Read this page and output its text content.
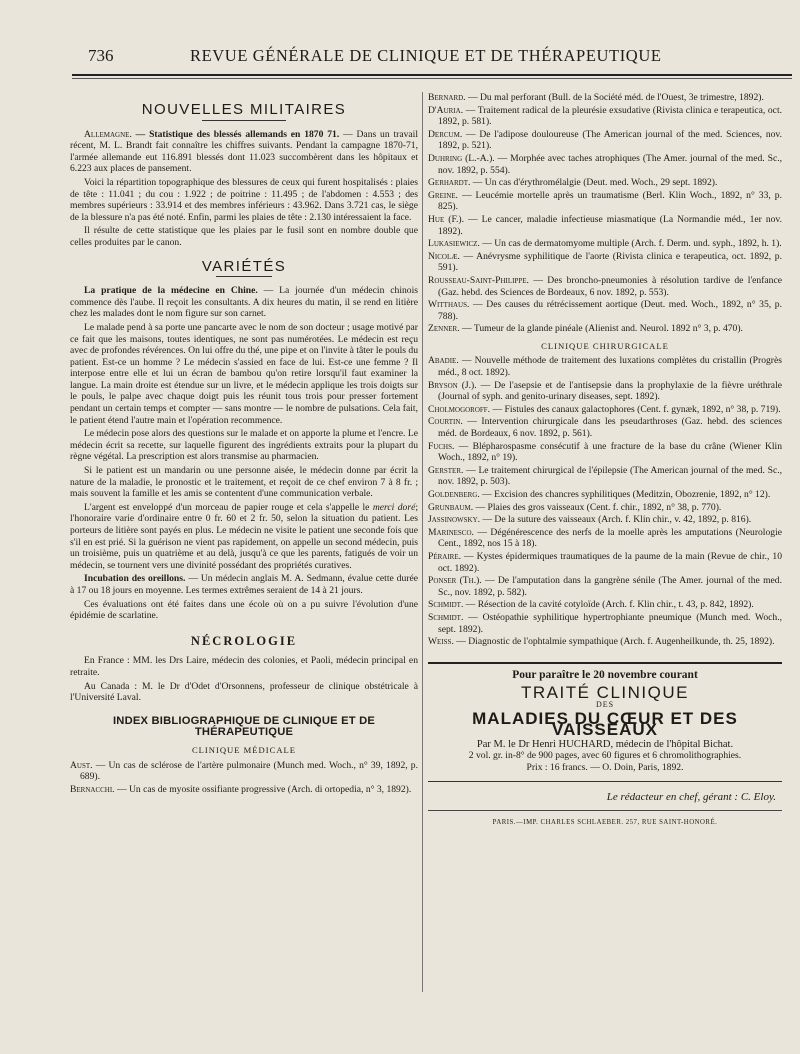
736	REVUE GÉNÉRALE DE CLINIQUE ET DE THÉRAPEUTIQUE
NOUVELLES MILITAIRES

Allemagne. — Statistique des blessés allemands en 1870 71. — Dans un travail récent, M. L. Brandt fait connaître les chiffres suivants. Pendant la campagne 1870-71, l'armée allemande eut 116.891 blessés dont 11.023 succombèrent dans les hôpitaux et 6.223 aux places de pansement.

Voici la répartition topographique des blessures de ceux qui furent hospitalisés : plaies de tête : 11.041 ; du cou : 1.922 ; de poitrine : 11.495 ; de l'abdomen : 4.553 ; des membres supérieurs : 33.914 et des membres inférieurs : 43.962. Dans 3.721 cas, le siège de la blessure n'a pas été noté. Enfin, parmi les plaies de tête : 2.130 intéressaient la face.

Il résulte de cette statistique que les plaies par le fusil sont en nombre double que celles produites par le canon.

VARIÉTÉS

La pratique de la médecine en Chine. — La journée d'un médecin chinois commence dès l'aube. Il reçoit les consultants. A dix heures du matin, il se rend en litière chez les malades dont le nom figure sur son carnet.

Le malade pend à sa porte une pancarte avec le nom de son docteur ; usage motivé par ce fait que les maisons, toutes identiques, ne sont pas numérotées. Le médecin est reçu avec de profondes révérences. On lui offre du thé, une pipe et on l'invite à tâter le pouls du patient. Est-ce un homme ? Le médecin s'assied en face de lui. Est-ce une femme ? Il interpose entre elle et lui un écran de bambou qu'on retire lorsqu'il faut examiner la langue. La main droite est étendue sur un livre, et le médecin applique les trois doigts sur le pouls, le palpe avec chaque doigt puis les réunit tous trois pour presser fortement pendant un certain temps et compter — sans montre — le nombre de pulsations. Cela fait, le patient étend l'autre main et l'opération recommence.

Le médecin pose alors des questions sur le malade et on apporte la plume et l'encre. Le médecin écrit sa recette, sur laquelle figurent des ingrédients extraits pour la plupart du règne végétal. La prescription est alors transmise au pharmacien.

Si le patient est un mandarin ou une personne aisée, le médecin donne par écrit la nature de la maladie, le pronostic et le traitement, et reçoit de ce chef environ 7 à 8 fr. ; mais souvent la famille et les amis se contentent d'une communication verbale.

L'argent est enveloppé d'un morceau de papier rouge et cela s'appelle le merci doré; l'honoraire varie d'ordinaire entre 0 fr. 60 et 2 fr. 50, selon la situation du patient. Les porteurs de litière sont payés en plus. Le médecin ne visite le patient une seconde fois que s'il en est prié. Si la guérison ne vient pas rapidement, on appelle un second médecin, puis un troisième, puis un quatrième et au delà, jusqu'à ce que les parents, fatigués de voir un médecin, se tournent vers une divinité possédant des propriétés curatives.

Incubation des oreillons. — Un médecin anglais M. A. Sedmann, évalue cette durée à 17 ou 18 jours en moyenne. Les termes extrêmes seraient de 14 à 21 jours.

Ces évaluations ont été faites dans une école où on a pu suivre l'évolution d'une épidémie de scarlatine.

NÉCROLOGIE

En France : MM. les Drs Laire, médecin des colonies, et Paoli, médecin principal en retraite.

Au Canada : M. le Dr d'Odet d'Orsonnens, professeur de clinique obstétricale à l'Université Laval.

INDEX BIBLIOGRAPHIQUE DE CLINIQUE ET DE THÉRAPEUTIQUE
CLINIQUE MÉDICALE

Aust. — Un cas de sclérose de l'artère pulmonaire (Munch med. Woch., n° 39, 1892, p. 689).

Bernacchi. — Un cas de myosite ossifiante progressive (Arch. di ortopedia, n° 3, 1892).

Bernard. — Du mal perforant (Bull. de la Société méd. de l'Ouest, 3e trimestre, 1892).

D'Auria. — Traitement radical de la pleurésie exsudative (Rivista clinica e terapeutica, oct. 1892, p. 581).

Dercum. — De l'adipose douloureuse (The American journal of the med. Sciences, nov. 1892, p. 521).

Duhring (L.-A.). — Morphée avec taches atrophiques (The Amer. journal of the med. Sc., nov. 1892, p. 554).

Gerhardt. — Un cas d'érythromélalgie (Deut. med. Woch., 29 sept. 1892).

Greine. — Leucémie mortelle après un traumatisme (Berl. Klin Woch., 1892, n° 33, p. 825).

Hue (F.). — Le cancer, maladie infectieuse miasmatique (La Normandie méd., 1er nov. 1892).

Lukasiewicz. — Un cas de dermatomyome multiple (Arch. f. Derm. und. syph., 1892, h. 1).

Nicolæ. — Anévrysme syphilitique de l'aorte (Rivista clinica e terapeutica, oct. 1892, p. 591).

Rousseau-Saint-Philippe. — Des broncho-pneumonies à résolution tardive de l'enfance (Gaz. hebd. des Sciences de Bordeaux, 6 nov. 1892, p. 553).

Witthaus. — Des causes du rétrécissement aortique (Deut. med. Woch., 1892, n° 35, p. 788).

Zenner. — Tumeur de la glande pinéale (Alienist and. Neurol. 1892 n° 3, p. 470).

CLINIQUE CHIRURGICALE

Abadie. — Nouvelle méthode de traitement des luxations complètes du cristallin (Progrès méd., 8 oct. 1892).

Bryson (J.). — De l'asepsie et de l'antisepsie dans la prophylaxie de la fièvre uréthrale (Journal of syph. and genito-urinary diseases, sept. 1892).

Cholmogoroff. — Fistules des canaux galactophores (Cent. f. gynæk, 1892, n° 38, p. 719).

Courtin. — Intervention chirurgicale dans les pseudarthroses (Gaz. hebd. des sciences méd. de Bordeaux, 6 nov. 1892, p. 561).

Fuchs. — Blépharospasme consécutif à une fracture de la base du crâne (Wiener Klin Woch., 1892, n° 19).

Gerster. — Le traitement chirurgical de l'épilepsie (The American journal of the med. Sc., nov. 1892, p. 503).

Goldenberg. — Excision des chancres syphilitiques (Meditzin, Obozrenie, 1892, n° 12).

Grunbaum. — Plaies des gros vaisseaux (Cent. f. chir., 1892, n° 38, p. 770).

Jassinowsky. — De la suture des vaisseaux (Arch. f. Klin chir., v. 42, 1892, p. 816).

Marinesco. — Dégénérescence des nerfs de la moelle après les amputations (Neurologie Cent., 1892, nos 15 à 18).

Péraire. — Kystes épidermiques traumatiques de la paume de la main (Revue de chir., 10 oct. 1892).

Ponser (Th.). — De l'amputation dans la gangrène sénile (The Amer. journal of the med. Sc., nov. 1892, p. 582).

Schmidt. — Résection de la cavité cotyloïde (Arch. f. Klin chir., t. 43, p. 842, 1892).

Schmidt. — Ostéopathie syphilitique hypertrophiante pneumique (Munch med. Woch., sept. 1892).

Weiss. — Diagnostic de l'ophtalmie sympathique (Arch. f. Augenheilkunde, th. 25, 1892).

Pour paraître le 20 novembre courant
TRAITÉ CLINIQUE
DES
MALADIES DU CŒUR ET DES VAISSEAUX
Par M. le Dr Henri HUCHARD, médecin de l'hôpital Bichat.
2 vol. gr. in-8° de 900 pages, avec 60 figures et 6 chromolithographies.
Prix : 16 francs. — O. Doin, Paris, 1892.
Le rédacteur en chef, gérant : C. Eloy.
PARIS.—IMP. CHARLES SCHLAEBER. 257, RUE SAINT-HONORÉ.
